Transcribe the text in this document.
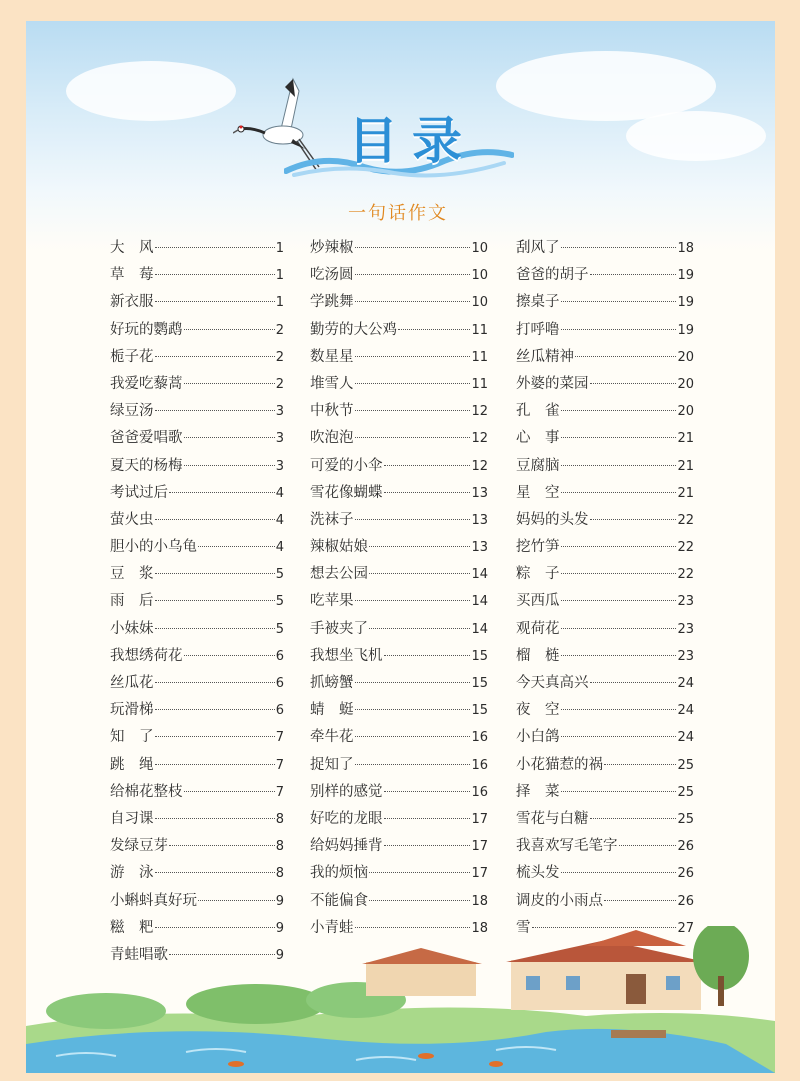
目录

一句话作文

大　风	1
草　莓	1
新衣服	1
好玩的鹦鹉	2
栀子花	2
我爱吃藜蒿	2
绿豆汤	3
爸爸爱唱歌	3
夏天的杨梅	3
考试过后	4
萤火虫	4
胆小的小乌龟	4
豆　浆	5
雨　后	5
小妹妹	5
我想绣荷花	6
丝瓜花	6
玩滑梯	6
知　了	7
跳　绳	7
给棉花整枝	7
自习课	8
发绿豆芽	8
游　泳	8
小蝌蚪真好玩	9
糍　粑	9
青蛙唱歌	9
炒辣椒	10
吃汤圆	10
学跳舞	10
勤劳的大公鸡	11
数星星	11
堆雪人	11
中秋节	12
吹泡泡	12
可爱的小伞	12
雪花像蝴蝶	13
洗袜子	13
辣椒姑娘	13
想去公园	14
吃苹果	14
手被夹了	14
我想坐飞机	15
抓螃蟹	15
蜻　蜓	15
牵牛花	16
捉知了	16
别样的感觉	16
好吃的龙眼	17
给妈妈捶背	17
我的烦恼	17
不能偏食	18
小青蛙	18
刮风了	18
爸爸的胡子	19
擦桌子	19
打呼噜	19
丝瓜精神	20
外婆的菜园	20
孔　雀	20
心　事	21
豆腐脑	21
星　空	21
妈妈的头发	22
挖竹笋	22
粽　子	22
买西瓜	23
观荷花	23
榴　梿	23
今天真高兴	24
夜　空	24
小白鸽	24
小花猫惹的祸	25
择　菜	25
雪花与白糖	25
我喜欢写毛笔字	26
梳头发	26
调皮的小雨点	26
雪	27
